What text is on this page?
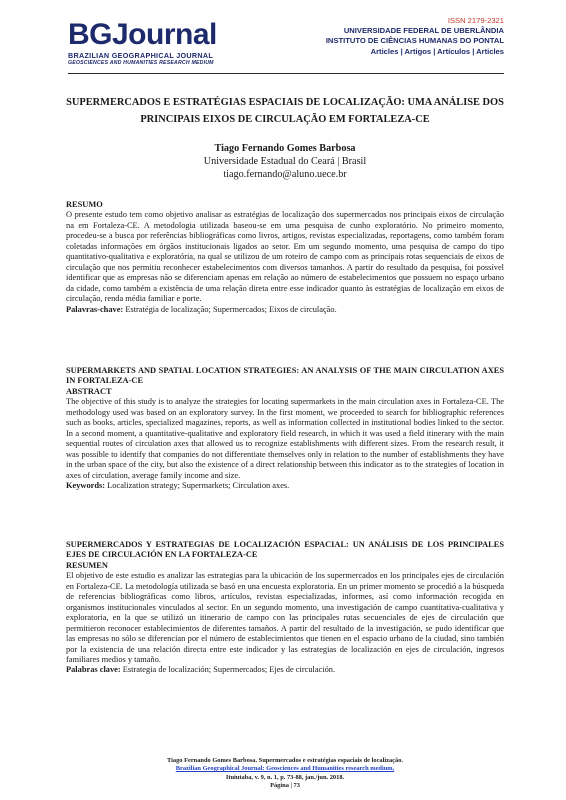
BGJournal
BRAZILIAN GEOGRAPHICAL JOURNAL
GEOSCIENCES AND HUMANITIES RESEARCH MEDIUM
ISSN 2179-2321
UNIVERSIDADE FEDERAL DE UBERLÂNDIA
INSTITUTO DE CIÊNCIAS HUMANAS DO PONTAL
Articles | Artigos | Artículos | Articles
SUPERMERCADOS E ESTRATÉGIAS ESPACIAIS DE LOCALIZAÇÃO: UMA ANÁLISE DOS PRINCIPAIS EIXOS DE CIRCULAÇÃO EM FORTALEZA-CE
Tiago Fernando Gomes Barbosa
Universidade Estadual do Ceará | Brasil
tiago.fernando@aluno.uece.br
RESUMO
O presente estudo tem como objetivo analisar as estratégias de localização dos supermercados nos principais eixos de circulação na em Fortaleza-CE. A metodologia utilizada baseou-se em uma pesquisa de cunho exploratório. No primeiro momento, procedeu-se a busca por referências bibliográficas como livros, artigos, revistas especializadas, reportagens, como também foram coletadas informações em órgãos institucionais ligados ao setor. Em um segundo momento, uma pesquisa de campo do tipo quantitativo-qualitativa e exploratória, na qual se utilizou de um roteiro de campo com as principais rotas sequenciais de eixos de circulação que nos permitiu reconhecer estabelecimentos com diversos tamanhos. A partir do resultado da pesquisa, foi possível identificar que as empresas não se diferenciam apenas em relação ao número de estabelecimentos que possuem no espaço urbano da cidade, como também a existência de uma relação direta entre esse indicador quanto às estratégias de localização em eixos de circulação, renda média familiar e porte.
Palavras-chave: Estratégia de localização; Supermercados; Eixos de circulação.
SUPERMARKETS AND SPATIAL LOCATION STRATEGIES: AN ANALYSIS OF THE MAIN CIRCULATION AXES IN FORTALEZA-CE
ABSTRACT
The objective of this study is to analyze the strategies for locating supermarkets in the main circulation axes in Fortaleza-CE. The methodology used was based on an exploratory survey. In the first moment, we proceeded to search for bibliographic references such as books, articles, specialized magazines, reports, as well as information collected in institutional bodies linked to the sector. In a second moment, a quantitative-qualitative and exploratory field research, in which it was used a field itinerary with the main sequential routes of circulation axes that allowed us to recognize establishments with different sizes. From the research result, it was possible to identify that companies do not differentiate themselves only in relation to the number of establishments they have in the urban space of the city, but also the existence of a direct relationship between this indicator as to the strategies of location in axes of circulation, average family income and size.
Keywords: Localization strategy; Supermarkets; Circulation axes.
SUPERMERCADOS Y ESTRATEGIAS DE LOCALIZACIÓN ESPACIAL: UN ANÁLISIS DE LOS PRINCIPALES EJES DE CIRCULACIÓN EN LA FORTALEZA-CE
RESUMEN
El objetivo de este estudio es analizar las estrategias para la ubicación de los supermercados en los principales ejes de circulación en Fortaleza-CE. La metodología utilizada se basó en una encuesta exploratoria. En un primer momento se procedió a la búsqueda de referencias bibliográficas como libros, artículos, revistas especializadas, informes, así como información recogida en organismos institucionales vinculados al sector. En un segundo momento, una investigación de campo cuantitativa-cualitativa y exploratoria, en la que se utilizó un itinerario de campo con las principales rutas secuenciales de ejes de circulación que permitieron reconocer establecimientos de diferentes tamaños. A partir del resultado de la investigación, se pudo identificar que las empresas no sólo se diferencian por el número de establecimientos que tienen en el espacio urbano de la ciudad, sino también por la existencia de una relación directa entre este indicador y las estrategias de localización en ejes de circulación, ingresos familiares medios y tamaño.
Palabras clave: Estrategia de localización; Supermercados; Ejes de circulación.
Tiago Fernando Gomes Barbosa. Supermercados e estratégias espaciais de localização.
Brazilian Geographical Journal: Geosciences and Humanities research medium,
Ituiutaba, v. 9, n. 1, p. 73-88, jan./jun. 2018.
Página | 73
